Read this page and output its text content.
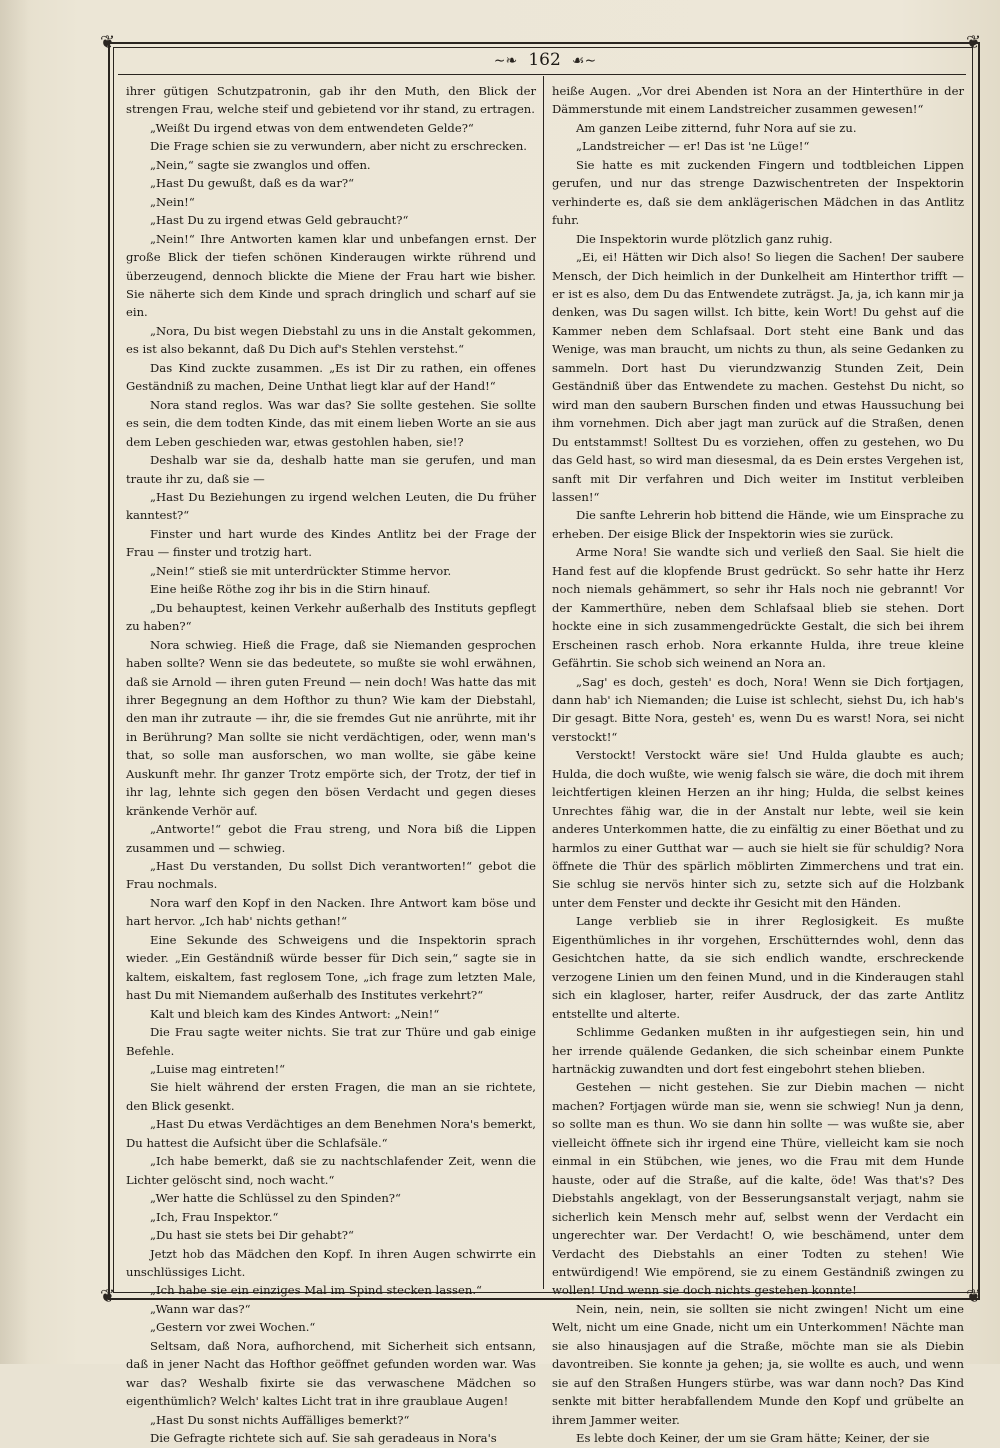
❦	❦
❦	❦
∼❧ 162 ☙∼

ihrer gütigen Schutzpatronin, gab ihr den Muth, den Blick der strengen Frau, welche steif und gebietend vor ihr stand, zu ertragen.

„Weißt Du irgend etwas von dem entwendeten Gelde?“

Die Frage schien sie zu verwundern, aber nicht zu erschrecken.

„Nein,“ sagte sie zwanglos und offen.

„Hast Du gewußt, daß es da war?“

„Nein!“

„Hast Du zu irgend etwas Geld gebraucht?“

„Nein!“ Ihre Antworten kamen klar und unbefangen ernst. Der große Blick der tiefen schönen Kinderaugen wirkte rührend und überzeugend, dennoch blickte die Miene der Frau hart wie bisher. Sie näherte sich dem Kinde und sprach dringlich und scharf auf sie ein.

„Nora, Du bist wegen Diebstahl zu uns in die Anstalt gekommen, es ist also bekannt, daß Du Dich auf's Stehlen verstehst.“

Das Kind zuckte zusammen. „Es ist Dir zu rathen, ein offenes Geständniß zu machen, Deine Unthat liegt klar auf der Hand!“

Nora stand reglos. Was war das? Sie sollte gestehen. Sie sollte es sein, die dem todten Kinde, das mit einem lieben Worte an sie aus dem Leben geschieden war, etwas gestohlen haben, sie!?

Deshalb war sie da, deshalb hatte man sie gerufen, und man traute ihr zu, daß sie —

„Hast Du Beziehungen zu irgend welchen Leuten, die Du früher kanntest?“

Finster und hart wurde des Kindes Antlitz bei der Frage der Frau — finster und trotzig hart.

„Nein!“ stieß sie mit unterdrückter Stimme hervor.

Eine heiße Röthe zog ihr bis in die Stirn hinauf.

„Du behauptest, keinen Verkehr außerhalb des Instituts gepflegt zu haben?“

Nora schwieg. Hieß die Frage, daß sie Niemanden gesprochen haben sollte? Wenn sie das bedeutete, so mußte sie wohl erwähnen, daß sie Arnold — ihren guten Freund — nein doch! Was hatte das mit ihrer Begegnung an dem Hofthor zu thun? Wie kam der Diebstahl, den man ihr zutraute — ihr, die sie fremdes Gut nie anrührte, mit ihr in Berührung? Man sollte sie nicht verdächtigen, oder, wenn man's that, so solle man ausforschen, wo man wollte, sie gäbe keine Auskunft mehr. Ihr ganzer Trotz empörte sich, der Trotz, der tief in ihr lag, lehnte sich gegen den bösen Verdacht und gegen dieses kränkende Verhör auf.

„Antworte!“ gebot die Frau streng, und Nora biß die Lippen zusammen und — schwieg.

„Hast Du verstanden, Du sollst Dich verantworten!“ gebot die Frau nochmals.

Nora warf den Kopf in den Nacken. Ihre Antwort kam böse und hart hervor. „Ich hab' nichts gethan!“

Eine Sekunde des Schweigens und die Inspektorin sprach wieder. „Ein Geständniß würde besser für Dich sein,“ sagte sie in kaltem, eiskaltem, fast reglosem Tone, „ich frage zum letzten Male, hast Du mit Niemandem außerhalb des Institutes verkehrt?“

Kalt und bleich kam des Kindes Antwort: „Nein!“

Die Frau sagte weiter nichts. Sie trat zur Thüre und gab einige Befehle.

„Luise mag eintreten!“

Sie hielt während der ersten Fragen, die man an sie richtete, den Blick gesenkt.

„Hast Du etwas Verdächtiges an dem Benehmen Nora's bemerkt, Du hattest die Aufsicht über die Schlafsäle.“

„Ich habe bemerkt, daß sie zu nachtschlafender Zeit, wenn die Lichter gelöscht sind, noch wacht.“

„Wer hatte die Schlüssel zu den Spinden?“

„Ich, Frau Inspektor.“

„Du hast sie stets bei Dir gehabt?“

Jetzt hob das Mädchen den Kopf. In ihren Augen schwirrte ein unschlüssiges Licht.

„Ich habe sie ein einziges Mal im Spind stecken lassen.“

„Wann war das?“

„Gestern vor zwei Wochen.“

Seltsam, daß Nora, aufhorchend, mit Sicherheit sich entsann, daß in jener Nacht das Hofthor geöffnet gefunden worden war. Was war das? Weshalb fixirte sie das verwaschene Mädchen so eigenthümlich? Welch' kaltes Licht trat in ihre graublaue Augen!

„Hast Du sonst nichts Auffälliges bemerkt?“

Die Gefragte richtete sich auf. Sie sah geradeaus in Nora's

heiße Augen. „Vor drei Abenden ist Nora an der Hinterthüre in der Dämmerstunde mit einem Landstreicher zusammen gewesen!“

Am ganzen Leibe zitternd, fuhr Nora auf sie zu.

„Landstreicher — er! Das ist 'ne Lüge!“

Sie hatte es mit zuckenden Fingern und todtbleichen Lippen gerufen, und nur das strenge Dazwischentreten der Inspektorin verhinderte es, daß sie dem anklägerischen Mädchen in das Antlitz fuhr.

Die Inspektorin wurde plötzlich ganz ruhig.

„Ei, ei! Hätten wir Dich also! So liegen die Sachen! Der saubere Mensch, der Dich heimlich in der Dunkelheit am Hinterthor trifft — er ist es also, dem Du das Entwendete zuträgst. Ja, ja, ich kann mir ja denken, was Du sagen willst. Ich bitte, kein Wort! Du gehst auf die Kammer neben dem Schlafsaal. Dort steht eine Bank und das Wenige, was man braucht, um nichts zu thun, als seine Gedanken zu sammeln. Dort hast Du vierundzwanzig Stunden Zeit, Dein Geständniß über das Entwendete zu machen. Gestehst Du nicht, so wird man den saubern Burschen finden und etwas Haussuchung bei ihm vornehmen. Dich aber jagt man zurück auf die Straßen, denen Du entstammst! Solltest Du es vorziehen, offen zu gestehen, wo Du das Geld hast, so wird man diesesmal, da es Dein erstes Vergehen ist, sanft mit Dir verfahren und Dich weiter im Institut verbleiben lassen!“

Die sanfte Lehrerin hob bittend die Hände, wie um Einsprache zu erheben. Der eisige Blick der Inspektorin wies sie zurück.

Arme Nora! Sie wandte sich und verließ den Saal. Sie hielt die Hand fest auf die klopfende Brust gedrückt. So sehr hatte ihr Herz noch niemals gehämmert, so sehr ihr Hals noch nie gebrannt! Vor der Kammerthüre, neben dem Schlafsaal blieb sie stehen. Dort hockte eine in sich zusammengedrückte Gestalt, die sich bei ihrem Erscheinen rasch erhob. Nora erkannte Hulda, ihre treue kleine Gefährtin. Sie schob sich weinend an Nora an.

„Sag' es doch, gesteh' es doch, Nora! Wenn sie Dich fortjagen, dann hab' ich Niemanden; die Luise ist schlecht, siehst Du, ich hab's Dir gesagt. Bitte Nora, gesteh' es, wenn Du es warst! Nora, sei nicht verstockt!“

Verstockt! Verstockt wäre sie! Und Hulda glaubte es auch; Hulda, die doch wußte, wie wenig falsch sie wäre, die doch mit ihrem leichtfertigen kleinen Herzen an ihr hing; Hulda, die selbst keines Unrechtes fähig war, die in der Anstalt nur lebte, weil sie kein anderes Unterkommen hatte, die zu einfältig zu einer Böethat und zu harmlos zu einer Gutthat war — auch sie hielt sie für schuldig? Nora öffnete die Thür des spärlich möblirten Zimmerchens und trat ein. Sie schlug sie nervös hinter sich zu, setzte sich auf die Holzbank unter dem Fenster und deckte ihr Gesicht mit den Händen.

Lange verblieb sie in ihrer Reglosigkeit. Es mußte Eigenthümliches in ihr vorgehen, Erschütterndes wohl, denn das Gesichtchen hatte, da sie sich endlich wandte, erschreckende verzogene Linien um den feinen Mund, und in die Kinderaugen stahl sich ein klagloser, harter, reifer Ausdruck, der das zarte Antlitz entstellte und alterte.

Schlimme Gedanken mußten in ihr aufgestiegen sein, hin und her irrende quälende Gedanken, die sich scheinbar einem Punkte hartnäckig zuwandten und dort fest eingebohrt stehen blieben.

Gestehen — nicht gestehen. Sie zur Diebin machen — nicht machen? Fortjagen würde man sie, wenn sie schwieg! Nun ja denn, so sollte man es thun. Wo sie dann hin sollte — was wußte sie, aber vielleicht öffnete sich ihr irgend eine Thüre, vielleicht kam sie noch einmal in ein Stübchen, wie jenes, wo die Frau mit dem Hunde hauste, oder auf die Straße, auf die kalte, öde! Was that's? Des Diebstahls angeklagt, von der Besserungsanstalt verjagt, nahm sie sicherlich kein Mensch mehr auf, selbst wenn der Verdacht ein ungerechter war. Der Verdacht! O, wie beschämend, unter dem Verdacht des Diebstahls an einer Todten zu stehen! Wie entwürdigend! Wie empörend, sie zu einem Geständniß zwingen zu wollen! Und wenn sie doch nichts gestehen konnte!

Nein, nein, nein, sie sollten sie nicht zwingen! Nicht um eine Welt, nicht um eine Gnade, nicht um ein Unterkommen! Nächte man sie also hinausjagen auf die Straße, möchte man sie als Diebin davontreiben. Sie konnte ja gehen; ja, sie wollte es auch, und wenn sie auf den Straßen Hungers stürbe, was war dann noch? Das Kind senkte mit bitter herabfallendem Munde den Kopf und grübelte an ihrem Jammer weiter.

Es lebte doch Keiner, der um sie Gram hätte; Keiner, der sie
